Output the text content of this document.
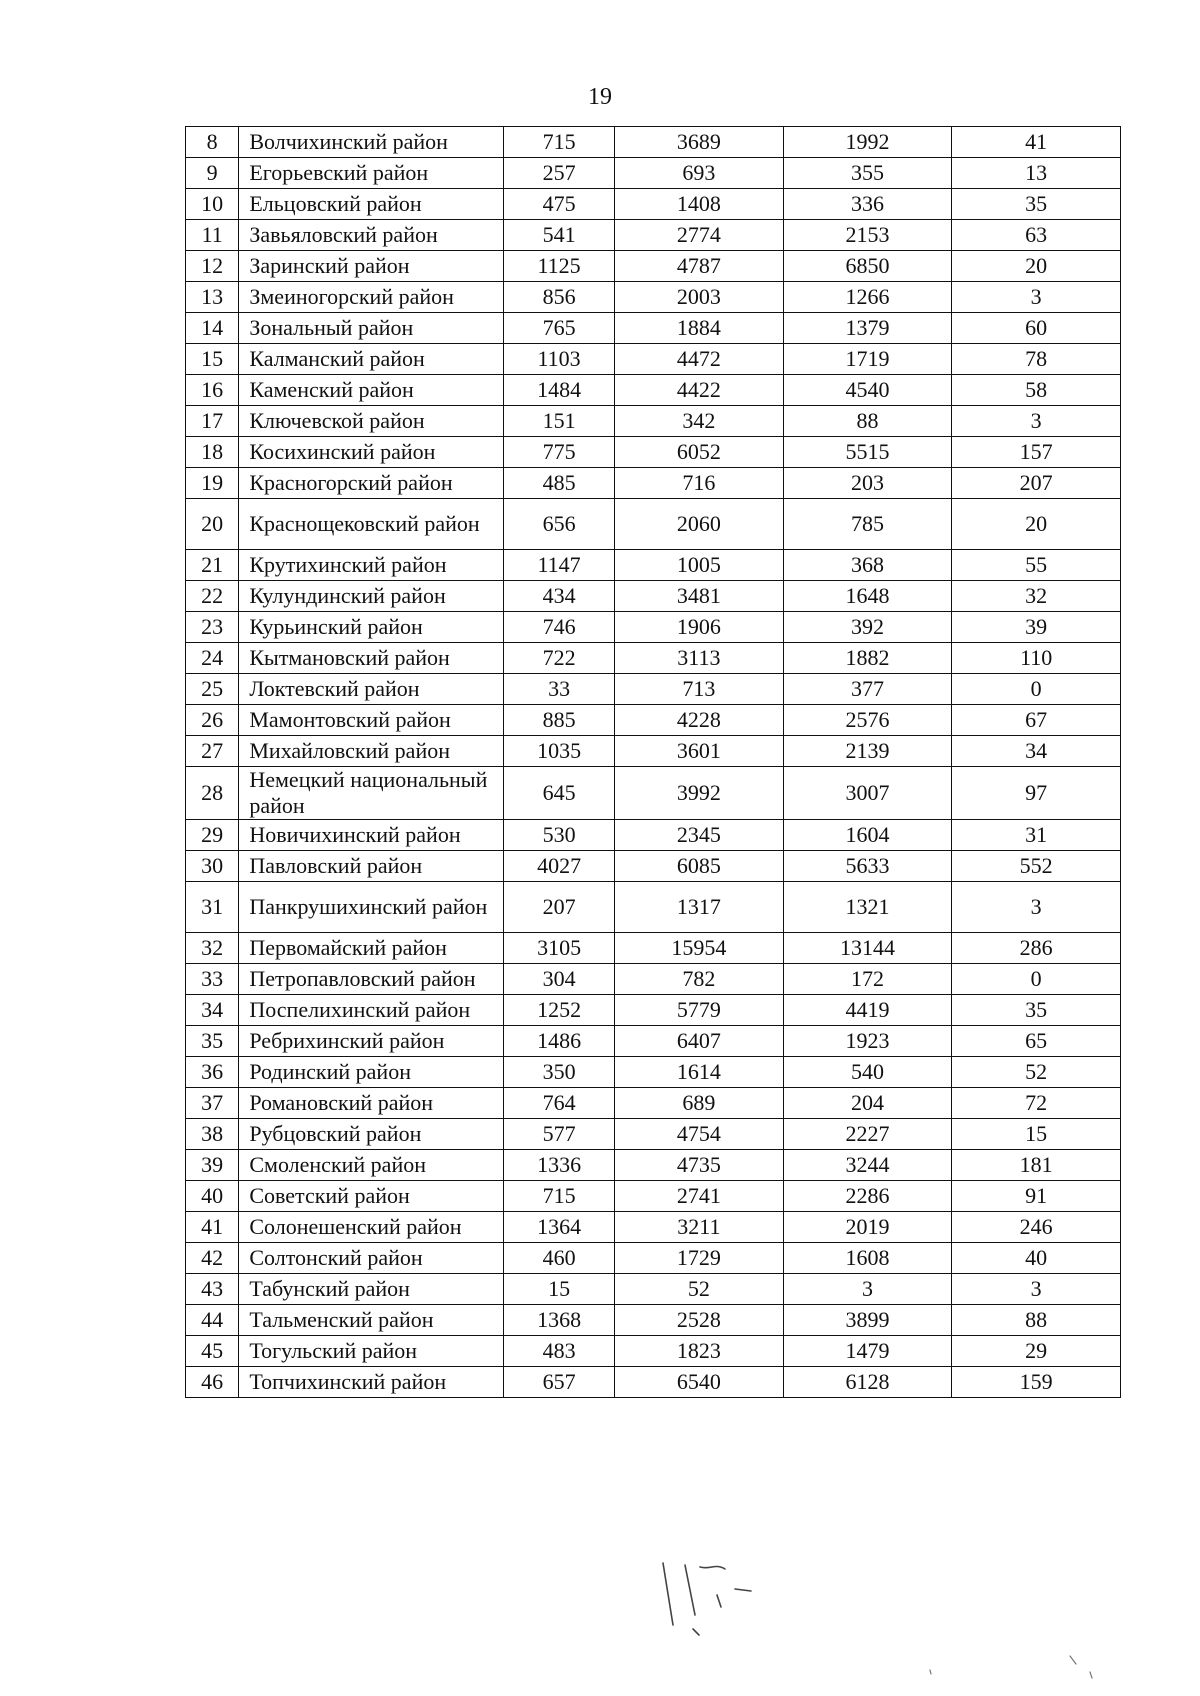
19
8	Волчихинский район	715	3689	1992	41
9	Егорьевский район	257	693	355	13
10	Ельцовский район	475	1408	336	35
11	Завьяловский район	541	2774	2153	63
12	Заринский район	1125	4787	6850	20
13	Змеиногорский район	856	2003	1266	3
14	Зональный район	765	1884	1379	60
15	Калманский район	1103	4472	1719	78
16	Каменский район	1484	4422	4540	58
17	Ключевской район	151	342	88	3
18	Косихинский район	775	6052	5515	157
19	Красногорский район	485	716	203	207
20	Краснощековский район	656	2060	785	20
21	Крутихинский район	1147	1005	368	55
22	Кулундинский район	434	3481	1648	32
23	Курьинский район	746	1906	392	39
24	Кытмановский район	722	3113	1882	110
25	Локтевский район	33	713	377	0
26	Мамонтовский район	885	4228	2576	67
27	Михайловский район	1035	3601	2139	34
28	Немецкий национальный район	645	3992	3007	97
29	Новичихинский район	530	2345	1604	31
30	Павловский район	4027	6085	5633	552
31	Панкрушихинский район	207	1317	1321	3
32	Первомайский район	3105	15954	13144	286
33	Петропавловский район	304	782	172	0
34	Поспелихинский район	1252	5779	4419	35
35	Ребрихинский район	1486	6407	1923	65
36	Родинский район	350	1614	540	52
37	Романовский район	764	689	204	72
38	Рубцовский район	577	4754	2227	15
39	Смоленский район	1336	4735	3244	181
40	Советский район	715	2741	2286	91
41	Солонешенский район	1364	3211	2019	246
42	Солтонский район	460	1729	1608	40
43	Табунский район	15	52	3	3
44	Тальменский район	1368	2528	3899	88
45	Тогульский район	483	1823	1479	29
46	Топчихинский район	657	6540	6128	159
